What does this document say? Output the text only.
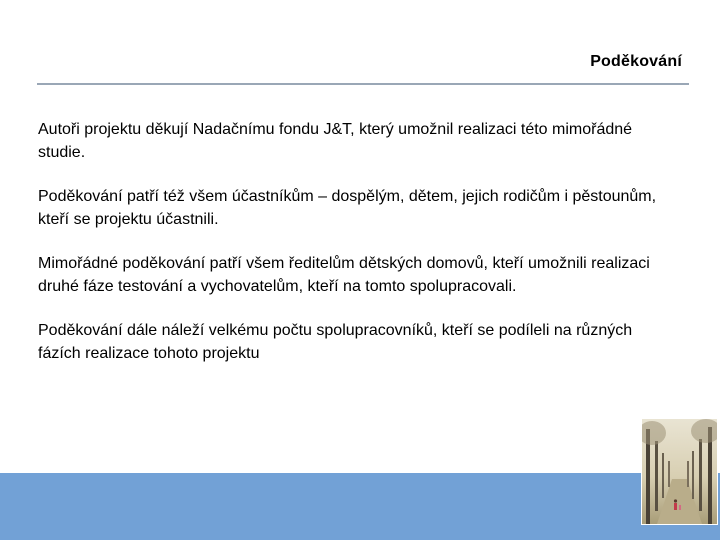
Poděkování

Autoři projektu děkují Nadačnímu fondu J&T, který umožnil realizaci této mimořádné studie.

Poděkování patří též všem účastníkům – dospělým, dětem, jejich rodičům i pěstounům, kteří se projektu účastnili.

Mimořádné poděkování patří všem ředitelům dětských domovů, kteří umožnili realizaci druhé fáze testování a vychovatelům, kteří na tomto spolupracovali.

Poděkování dále náleží velkému počtu spolupracovníků, kteří se podíleli na různých fázích realizace tohoto projektu
